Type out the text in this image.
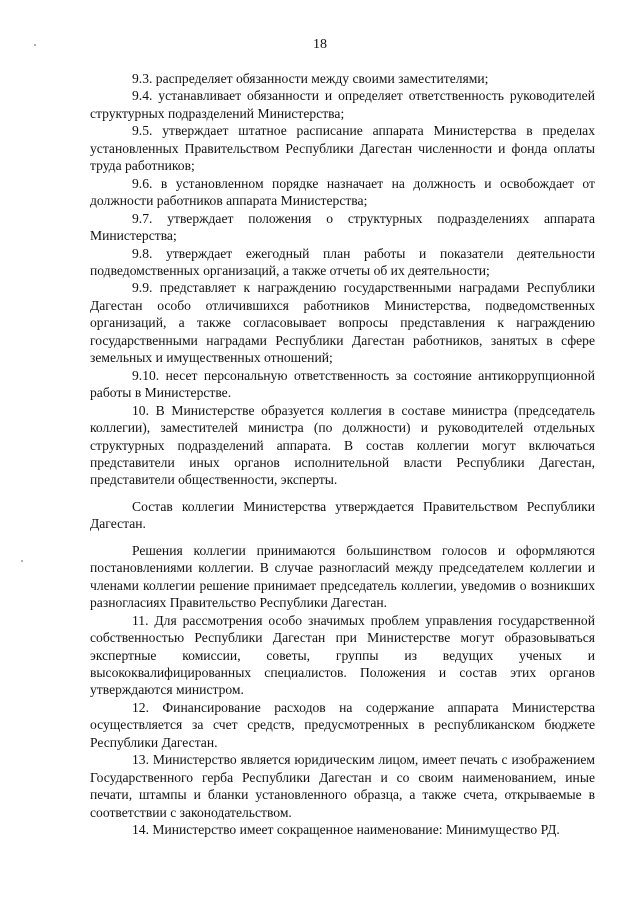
18

9.3. распределяет обязанности между своими заместителями;

9.4. устанавливает обязанности и определяет ответственность руководителей структурных подразделений Министерства;

9.5. утверждает штатное расписание аппарата Министерства в пределах установленных Правительством Республики Дагестан численности и фонда оплаты труда работников;

9.6. в установленном порядке назначает на должность и освобождает от должности работников аппарата Министерства;

9.7. утверждает положения о структурных подразделениях аппарата Министерства;

9.8. утверждает ежегодный план работы и показатели деятельности подведомственных организаций, а также отчеты об их деятельности;

9.9. представляет к награждению государственными наградами Республики Дагестан особо отличившихся работников Министерства, подведомственных организаций, а также согласовывает вопросы представления к награждению государственными наградами Республики Дагестан работников, занятых в сфере земельных и имущественных отношений;

9.10. несет персональную ответственность за состояние антикоррупционной работы в Министерстве.

10. В Министерстве образуется коллегия в составе министра (председатель коллегии), заместителей министра (по должности) и руководителей отдельных структурных подразделений аппарата. В состав коллегии могут включаться представители иных органов исполнительной власти Республики Дагестан, представители общественности, эксперты.

Состав коллегии Министерства утверждается Правительством Республики Дагестан.

Решения коллегии принимаются большинством голосов и оформляются постановлениями коллегии. В случае разногласий между председателем коллегии и членами коллегии решение принимает председатель коллегии, уведомив о возникших разногласиях Правительство Республики Дагестан.

11. Для рассмотрения особо значимых проблем управления государственной собственностью Республики Дагестан при Министерстве могут образовываться экспертные комиссии, советы, группы из ведущих ученых и высококвалифицированных специалистов. Положения и состав этих органов утверждаются министром.

12. Финансирование расходов на содержание аппарата Министерства осуществляется за счет средств, предусмотренных в республиканском бюджете Республики Дагестан.

13. Министерство является юридическим лицом, имеет печать с изображением Государственного герба Республики Дагестан и со своим наименованием, иные печати, штампы и бланки установленного образца, а также счета, открываемые в соответствии с законодательством.

14. Министерство имеет сокращенное наименование: Минимущество РД.
